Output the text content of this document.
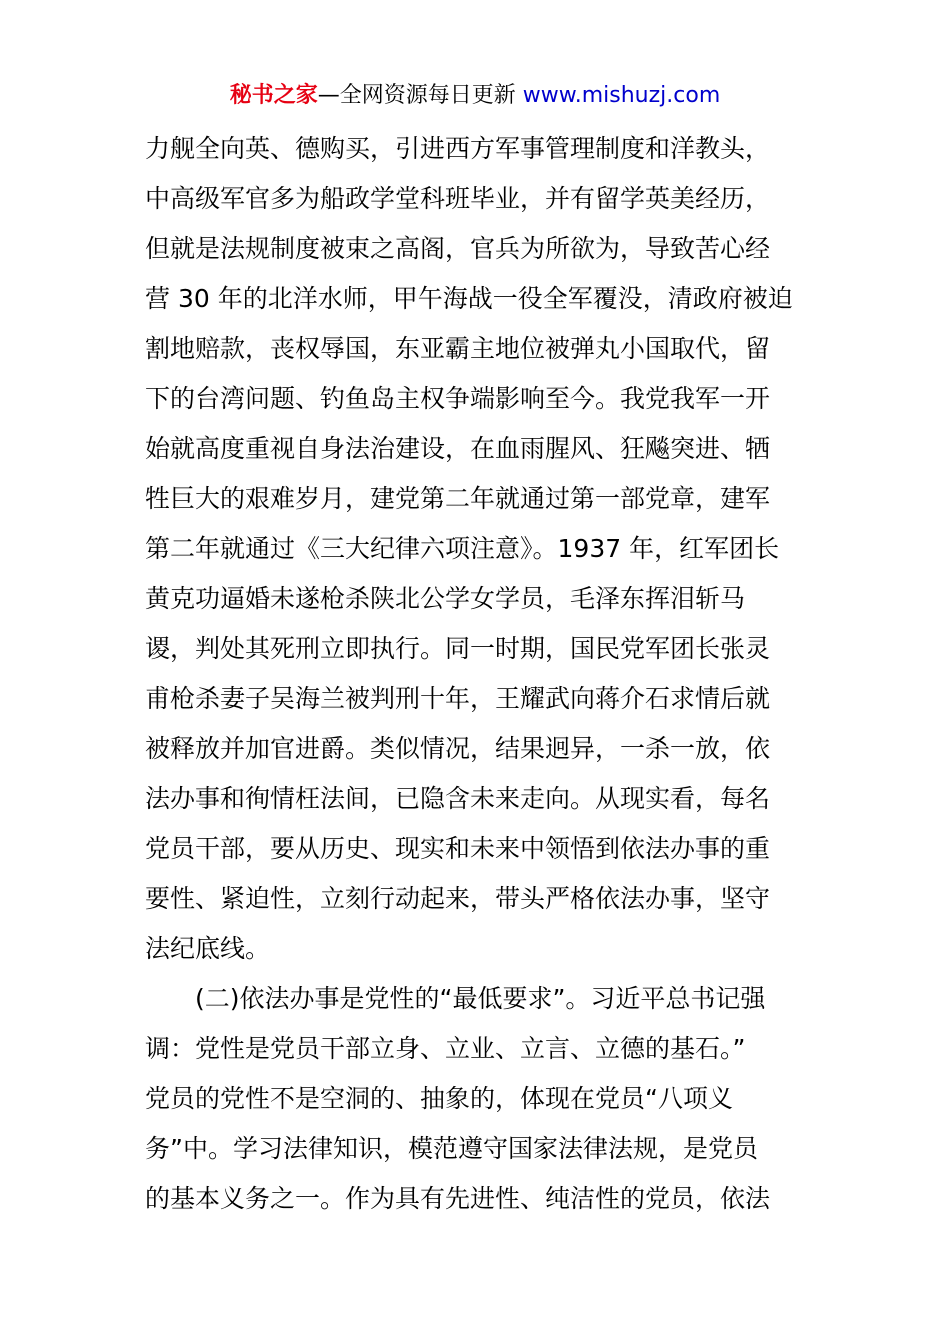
秘书之家—全网资源每日更新 www.mishuzj.com
力舰全向英、德购买，引进西方军事管理制度和洋教头，
中高级军官多为船政学堂科班毕业，并有留学英美经历，
但就是法规制度被束之高阁，官兵为所欲为，导致苦心经
营 30 年的北洋水师，甲午海战一役全军覆没，清政府被迫
割地赔款，丧权辱国，东亚霸主地位被弹丸小国取代，留
下的台湾问题、钓鱼岛主权争端影响至今。我党我军一开
始就高度重视自身法治建设，在血雨腥风、狂飚突进、牺
牲巨大的艰难岁月，建党第二年就通过第一部党章，建军
第二年就通过《三大纪律六项注意》。1937 年，红军团长
黄克功逼婚未遂枪杀陕北公学女学员，毛泽东挥泪斩马
谡，判处其死刑立即执行。同一时期，国民党军团长张灵
甫枪杀妻子吴海兰被判刑十年，王耀武向蒋介石求情后就
被释放并加官进爵。类似情况，结果迥异，一杀一放，依
法办事和徇情枉法间，已隐含未来走向。从现实看，每名
党员干部，要从历史、现实和未来中领悟到依法办事的重
要性、紧迫性，立刻行动起来，带头严格依法办事，坚守
法纪底线。
(二)依法办事是党性的“最低要求”。习近平总书记强
调：党性是党员干部立身、立业、立言、立德的基石。”
党员的党性不是空洞的、抽象的，体现在党员“八项义
务”中。学习法律知识，模范遵守国家法律法规，是党员
的基本义务之一。作为具有先进性、纯洁性的党员，依法
